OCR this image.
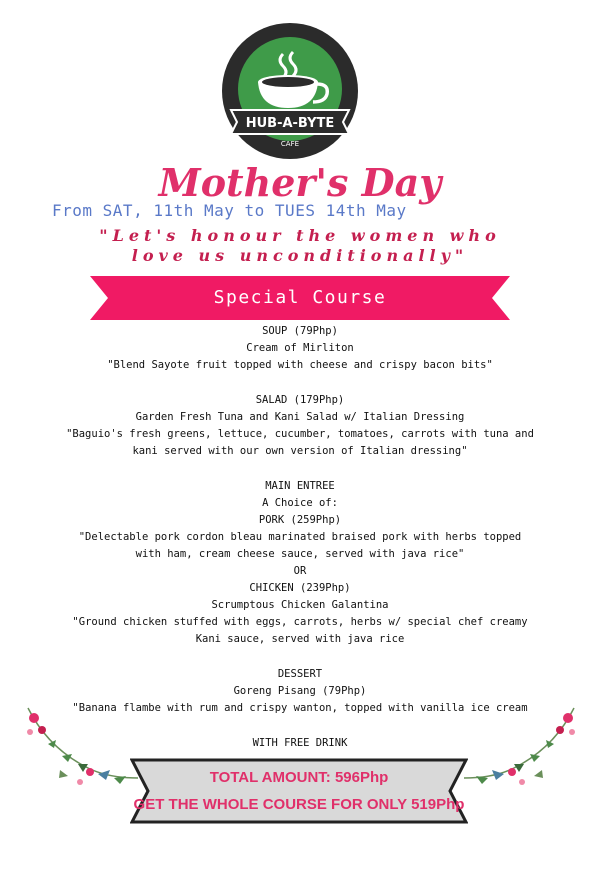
HUB-A-BYTE
CAFE
Mother's Day
From SAT, 11th May to TUES 14th May
"Let's honour the women who
love us unconditionally"
Special Course
SOUP (79Php)
Cream of Mirliton
"Blend Sayote fruit topped with cheese and crispy bacon bits"
SALAD (179Php)
Garden Fresh Tuna and Kani Salad w/ Italian Dressing
"Baguio's fresh greens, lettuce, cucumber, tomatoes, carrots with tuna and
kani served with our own version of Italian dressing"
MAIN ENTREE
A Choice of:
PORK (259Php)
"Delectable pork cordon bleau marinated braised pork with herbs topped
with ham, cream cheese sauce, served with java rice"
OR
CHICKEN (239Php)
Scrumptous Chicken Galantina
"Ground chicken stuffed with eggs, carrots, herbs w/ special chef creamy
Kani sauce, served with java rice
DESSERT
Goreng Pisang (79Php)
"Banana flambe with rum and crispy wanton, topped with vanilla ice cream
WITH FREE DRINK
TOTAL AMOUNT: 596Php
GET THE WHOLE COURSE FOR ONLY 519Php
